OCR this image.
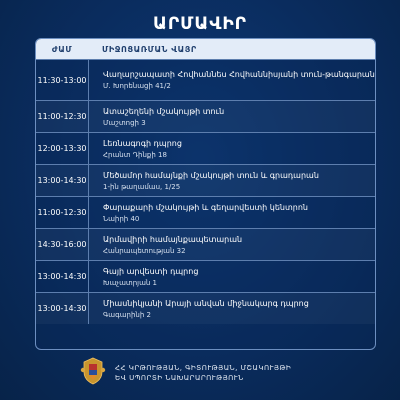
ԱՐՄԱՎԻՐ
ԺԱՄ	ՄԻՋՈՑԱՌՄԱՆ ՎԱՅՐ
11:30-13:00
Վաղարշապատի Հովհաննես Հովհաննիսյանի տուն-թանգարան
Մ. Խորենացի 41/2
11:00-12:30
Ատաշեղենի մշակույթի տուն
Մաշտոցի 3
12:00-13:30
Լեռնագոգի դպրոց
Հրանտ Դինքի 18
13:00-14:30
Մեծամոր համայնքի մշակույթի տուն և գրադարան
1-ին թաղամաս, 1/25
11:00-12:30
Փարաքարի մշակույթի և գեղարվեստի կենտրոն
Նաիրի 40
14:30-16:00
Արմավիրի համայնքապետարան
Հանրապետության 32
13:00-14:30
Գայի արվեստի դպրոց
Խաչատրյան 1
13:00-14:30
Միասնիկյանի Արայի անվան միջնակարգ դպրոց
Գագարինի 2
ՀՀ ԿՐԹՈՒԹՅԱՆ, ԳԻՏՈՒԹՅԱՆ, ՄՇԱԿՈՒՅԹԻ
ԵՎ ՍՊՈՐՏԻ ՆԱԽԱՐԱՐՈՒԹՅՈՒՆ
